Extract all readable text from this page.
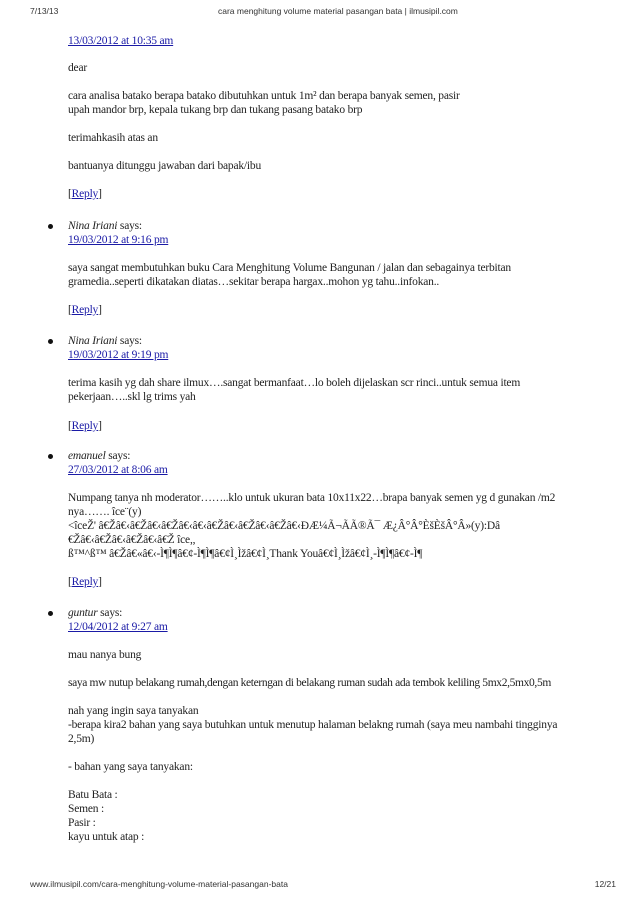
7/13/13	cara menghitung volume material pasangan bata | ilmusipil.com
13/03/2012 at 10:35 am
dear
cara analisa batako berapa batako dibutuhkan untuk 1m² dan berapa banyak semen, pasir
upah mandor brp, kepala tukang brp dan tukang pasang batako brp
terimahkasih atas an
bantuanya ditunggu jawaban dari bapak/ibu
[Reply]
Nina Iriani says:
19/03/2012 at 9:16 pm
saya sangat membutuhkan buku Cara Menghitung Volume Bangunan / jalan dan sebagainya terbitan
gramedia..seperti dikatakan diatas…sekitar berapa hargax..mohon yg tahu..infokan..
[Reply]
Nina Iriani says:
19/03/2012 at 9:19 pm
terima kasih yg dah share ilmux….sangat bermanfaat…lo boleh dijelaskan scr rinci..untuk semua item
pekerjaan…..skl lg trims yah
[Reply]
emanuel says:
27/03/2012 at 8:06 am
Numpang tanya nh moderator……..klo untuk ukuran bata 10x11x22…brapa banyak semen yg d gunakan /m2
nya……. îce¨(y)
<îceŽ' â€Žâ€‹â€Žâ€‹â€Žâ€‹â€‹â€Žâ€‹â€Žâ€‹â€Žâ€‹ÐÆ¼Ã¬ÃÃ®Ã¯ Æ¿Â°Â°ÈšÈšÂ°Â»(y):Dâ
€Žâ€‹â€Žâ€‹â€Žâ€‹â€Ž îce,,
ß™^ß™ â€Žâ€«â€‹-Ì¶Ì¶â€¢-Ì¶Ì¶â€¢Ì¸Ìžâ€¢Ì¸Thank Youâ€¢Ì¸Ìžâ€¢Ì¸-Ì¶Ì¶â€¢-Ì¶
[Reply]
guntur says:
12/04/2012 at 9:27 am
mau nanya bung
saya mw nutup belakang rumah,dengan keterngan di belakang ruman sudah ada tembok keliling 5mx2,5mx0,5m
nah yang ingin saya tanyakan
-berapa kira2 bahan yang saya butuhkan untuk menutup halaman belakng rumah (saya meu nambahi tingginya
2,5m)
- bahan yang saya tanyakan:
Batu Bata :
Semen :
Pasir :
kayu untuk atap :
www.ilmusipil.com/cara-menghitung-volume-material-pasangan-bata	12/21
